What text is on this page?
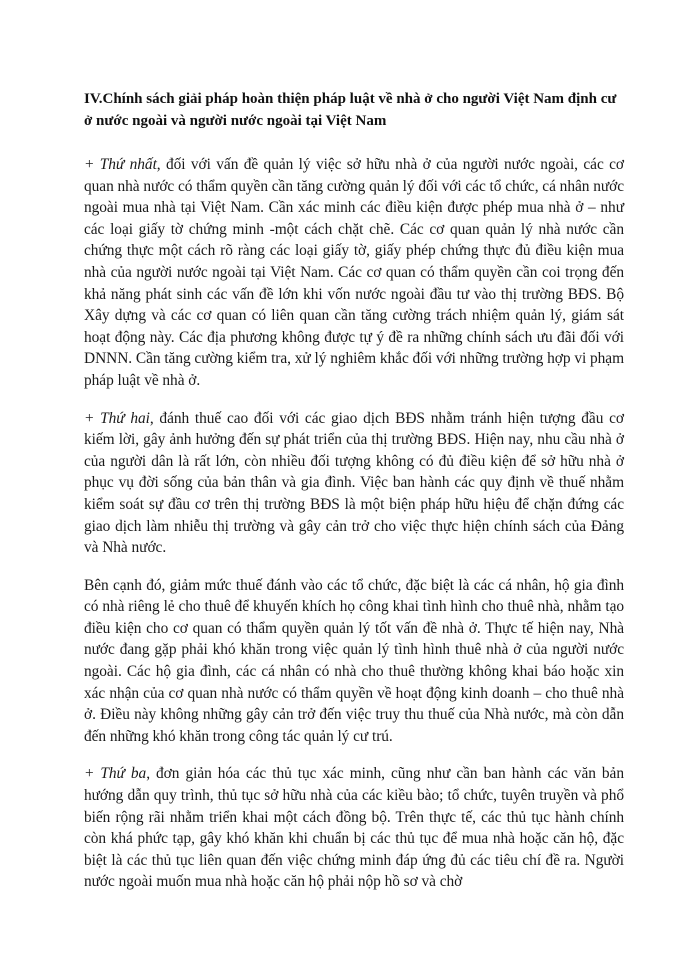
IV.Chính sách giải pháp hoàn thiện pháp luật về nhà ở cho người Việt Nam định cư ở nước ngoài và người nước ngoài tại Việt Nam

+ Thứ nhất, đối với vấn đề quản lý việc sở hữu nhà ở của người nước ngoài, các cơ quan nhà nước có thẩm quyền cần tăng cường quản lý đối với các tổ chức, cá nhân nước ngoài mua nhà tại Việt Nam. Cần xác minh các điều kiện được phép mua nhà ở – như các loại giấy tờ chứng minh -một cách chặt chẽ. Các cơ quan quản lý nhà nước cần chứng thực một cách rõ ràng các loại giấy tờ, giấy phép chứng thực đủ điều kiện mua nhà của người nước ngoài tại Việt Nam. Các cơ quan có thẩm quyền cần coi trọng đến khả năng phát sinh các vấn đề lớn khi vốn nước ngoài đầu tư vào thị trường BĐS. Bộ Xây dựng và các cơ quan có liên quan cần tăng cường trách nhiệm quản lý, giám sát hoạt động này. Các địa phương không được tự ý đề ra những chính sách ưu đãi đối với DNNN. Cần tăng cường kiểm tra, xử lý nghiêm khắc đối với những trường hợp vi phạm pháp luật về nhà ở.

+ Thứ hai, đánh thuế cao đối với các giao dịch BĐS nhằm tránh hiện tượng đầu cơ kiếm lời, gây ảnh hưởng đến sự phát triển của thị trường BĐS. Hiện nay, nhu cầu nhà ở của người dân là rất lớn, còn nhiều đối tượng không có đủ điều kiện để sở hữu nhà ở phục vụ đời sống của bản thân và gia đình. Việc ban hành các quy định về thuế nhằm kiểm soát sự đầu cơ trên thị trường BĐS là một biện pháp hữu hiệu để chặn đứng các giao dịch làm nhiễu thị trường và gây cản trở cho việc thực hiện chính sách của Đảng và Nhà nước.

Bên cạnh đó, giảm mức thuế đánh vào các tổ chức, đặc biệt là các cá nhân, hộ gia đình có nhà riêng lẻ cho thuê để khuyến khích họ công khai tình hình cho thuê nhà, nhằm tạo điều kiện cho cơ quan có thẩm quyền quản lý tốt vấn đề nhà ở. Thực tế hiện nay, Nhà nước đang gặp phải khó khăn trong việc quản lý tình hình thuê nhà ở của người nước ngoài. Các hộ gia đình, các cá nhân có nhà cho thuê thường không khai báo hoặc xin xác nhận của cơ quan nhà nước có thẩm quyền về hoạt động kinh doanh – cho thuê nhà ở. Điều này không những gây cản trở đến việc truy thu thuế của Nhà nước, mà còn dẫn đến những khó khăn trong công tác quản lý cư trú.

+ Thứ ba, đơn giản hóa các thủ tục xác minh, cũng như cần ban hành các văn bản hướng dẫn quy trình, thủ tục sở hữu nhà của các kiều bào; tổ chức, tuyên truyền và phổ biến rộng rãi nhằm triển khai một cách đồng bộ. Trên thực tế, các thủ tục hành chính còn khá phức tạp, gây khó khăn khi chuẩn bị các thủ tục để mua nhà hoặc căn hộ, đặc biệt là các thủ tục liên quan đến việc chứng minh đáp ứng đủ các tiêu chí đề ra. Người nước ngoài muốn mua nhà hoặc căn hộ phải nộp hồ sơ và chờ
